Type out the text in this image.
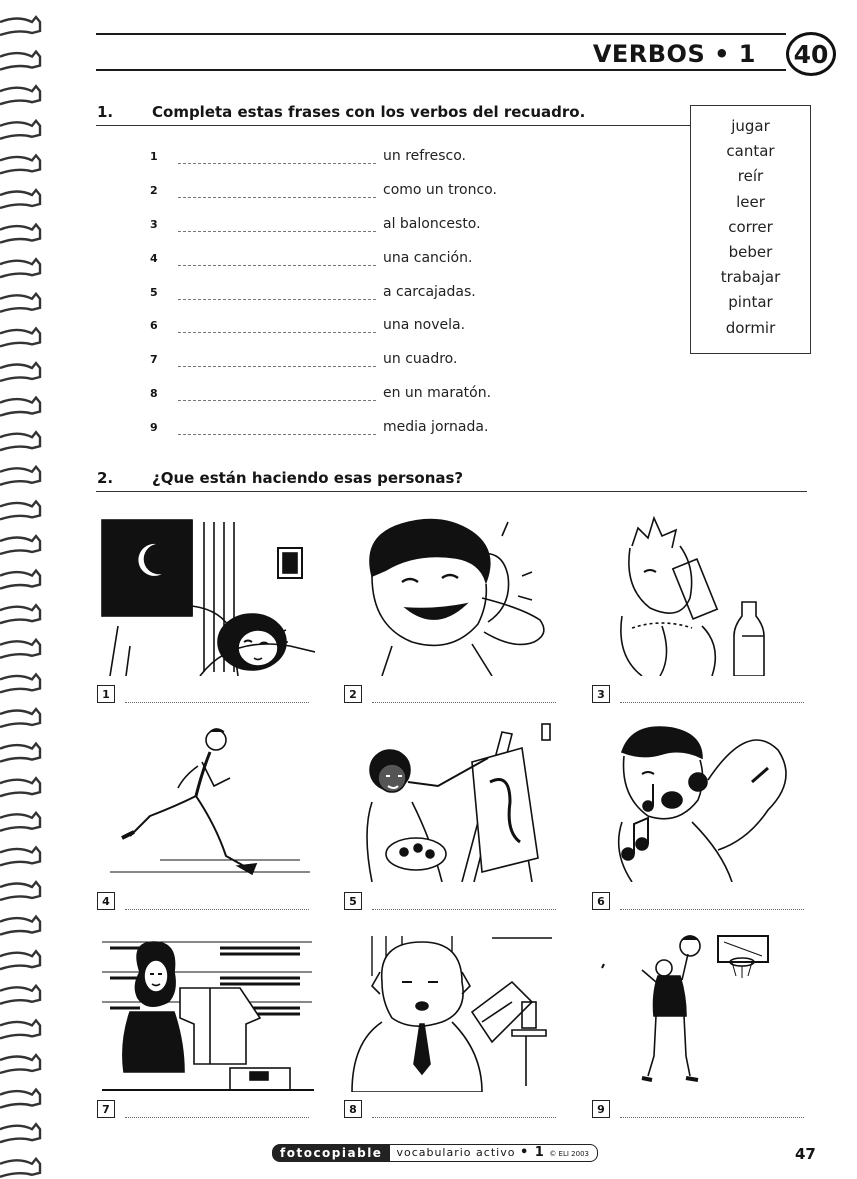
VERBOS • 1	40
1.	Completa estas frases con los verbos del recuadro.
jugar
cantar
reír
leer
correr
beber
trabajar
pintar
dormir
1	un refresco.
2	como un tronco.
3	al baloncesto.
4	una canción.
5	a carcajadas.
6	una novela.
7	un cuadro.
8	en un maratón.
9	media jornada.
2.	¿Que están haciendo esas personas?
1	2	3
4	5	6
7	8	9
fotocopiable	vocabulario activo • 1 © ELI 2003	47
